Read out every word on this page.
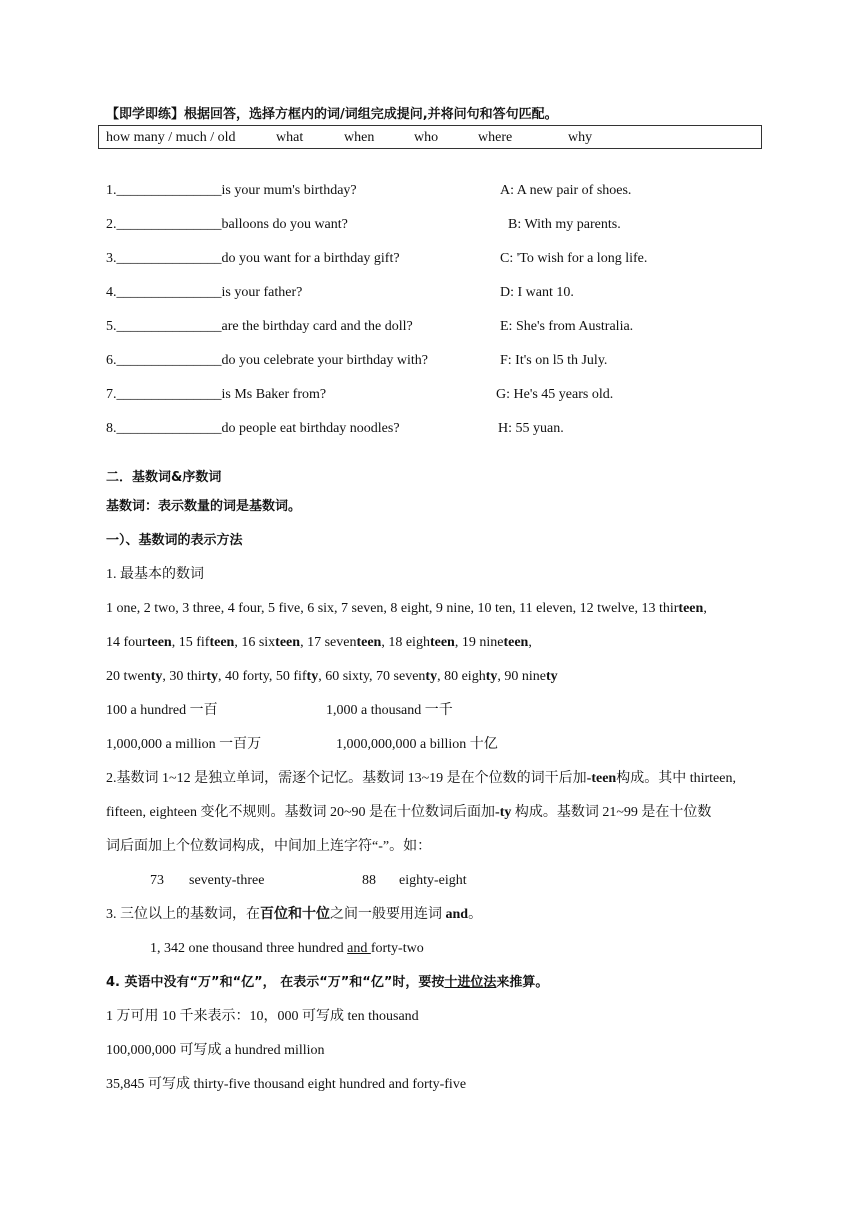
【即学即练】根据回答，选择方框内的词/词组完成提问,并将问句和答句匹配。
how many / much / old	what	when	who	where	why
1._______________is your mum's birthday?	A: A new pair of shoes.
2._______________balloons do you want?	B: With my parents.
3._______________do you want for a birthday gift?	C: 'To wish for a long life.
4._______________is your father?	D: I want 10.
5._______________are the birthday card and the doll?	E: She's from Australia.
6._______________do you celebrate your birthday with?	F: It's on l5 th July.
7._______________is Ms Baker from?	G: He's 45 years old.
8._______________do people eat birthday noodles?	H: 55 yuan.
二．基数词&序数词
基数词：表示数量的词是基数词。
一）、基数词的表示方法
1. 最基本的数词
1 one, 2 two, 3 three, 4 four, 5 five, 6 six, 7 seven, 8 eight, 9 nine, 10 ten, 11 eleven, 12 twelve, 13 thirteen,
14 fourteen, 15 fifteen, 16 sixteen, 17 seventeen, 18 eighteen, 19 nineteen,
20 twenty, 30 thirty, 40 forty, 50 fifty, 60 sixty, 70 seventy, 80 eighty, 90 ninety
100 a hundred 一百	1,000 a thousand 一千
1,000,000 a million 一百万	1,000,000,000 a billion 十亿
2.基数词 1~12 是独立单词，需逐个记忆。基数词 13~19 是在个位数的词干后加-teen构成。其中 thirteen,
fifteen, eighteen 变化不规则。基数词 20~90 是在十位数词后面加-ty 构成。基数词 21~99 是在十位数
词后面加上个位数词构成，中间加上连字符“-”。如：
73 seventy-three	88 eighty-eight
3. 三位以上的基数词，在百位和十位之间一般要用连词 and。
1, 342 one thousand three hundred and forty-two
4. 英语中没有“万”和“亿”， 在表示“万”和“亿”时，要按十进位法来推算。
1 万可用 10 千来表示：10，000 可写成 ten thousand
100,000,000 可写成 a hundred million
35,845 可写成 thirty-five thousand eight hundred and forty-five
